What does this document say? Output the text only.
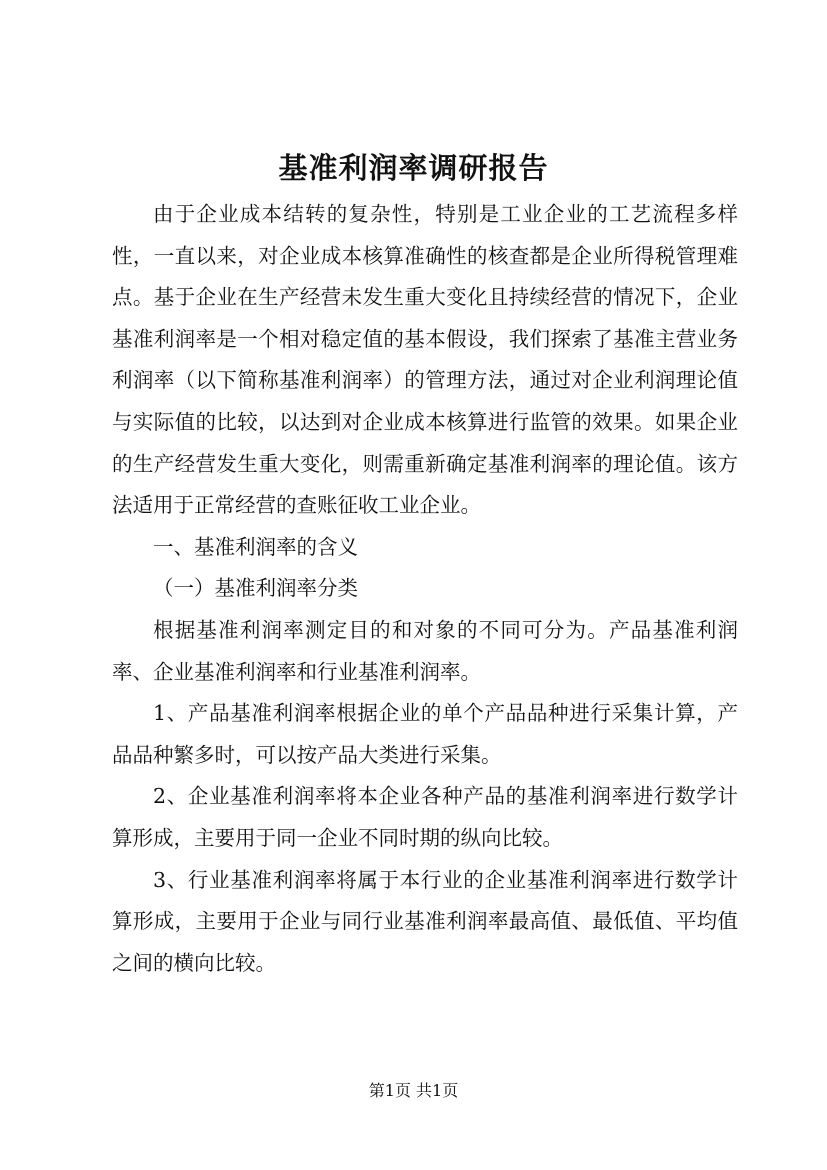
基准利润率调研报告

由于企业成本结转的复杂性，特别是工业企业的工艺流程多样性，一直以来，对企业成本核算准确性的核查都是企业所得税管理难点。基于企业在生产经营未发生重大变化且持续经营的情况下，企业基准利润率是一个相对稳定值的基本假设，我们探索了基准主营业务利润率（以下简称基准利润率）的管理方法，通过对企业利润理论值与实际值的比较，以达到对企业成本核算进行监管的效果。如果企业的生产经营发生重大变化，则需重新确定基准利润率的理论值。该方法适用于正常经营的查账征收工业企业。

一、基准利润率的含义

（一）基准利润率分类

根据基准利润率测定目的和对象的不同可分为。产品基准利润率、企业基准利润率和行业基准利润率。

1、产品基准利润率根据企业的单个产品品种进行采集计算，产品品种繁多时，可以按产品大类进行采集。

2、企业基准利润率将本企业各种产品的基准利润率进行数学计算形成，主要用于同一企业不同时期的纵向比较。

3、行业基准利润率将属于本行业的企业基准利润率进行数学计算形成，主要用于企业与同行业基准利润率最高值、最低值、平均值之间的横向比较。

第1页 共1页
